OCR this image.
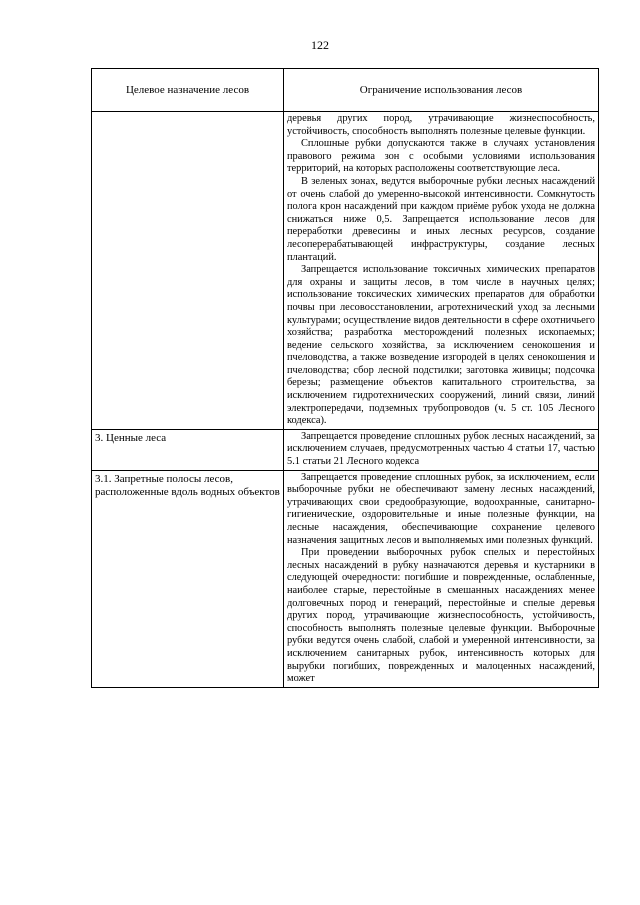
122
Целевое назначение лесов	Ограничение использования лесов

	деревья других пород, утрачивающие жизнеспособность, устойчивость, способность выполнять полезные целевые функции.

Сплошные рубки допускаются также в случаях установления правового режима зон с особыми условиями использования территорий, на которых расположены соответствующие леса.

В зеленых зонах, ведутся выборочные рубки лесных насаждений от очень слабой до умеренно-высокой интенсивности. Сомкнутость полога крон насаждений при каждом приёме рубок ухода не должна снижаться ниже 0,5. Запрещается использование лесов для переработки древесины и иных лесных ресурсов, создание лесоперерабатывающей инфраструктуры, создание лесных плантаций.

Запрещается использование токсичных химических препаратов для охраны и защиты лесов, в том числе в научных целях; использование токсических химических препаратов для обработки почвы при лесовосстановлении, агротехнический уход за лесными культурами; осуществление видов деятельности в сфере охотничьего хозяйства; разработка месторождений полезных ископаемых; ведение сельского хозяйства, за исключением сенокошения и пчеловодства, а также возведение изгородей в целях сенокошения и пчеловодства; сбор лесной подстилки; заготовка живицы; подсочка березы; размещение объектов капитального строительства, за исключением гидротехнических сооружений, линий связи, линий электропередачи, подземных трубопроводов (ч. 5 ст. 105 Лесного кодекса).

3. Ценные леса	Запрещается проведение сплошных рубок лесных насаждений, за исключением случаев, предусмотренных частью 4 статьи 17, частью 5.1 статьи 21 Лесного кодекса

3.1. Запретные полосы лесов, расположенные вдоль водных объектов	Запрещается проведение сплошных рубок, за исключением, если выборочные рубки не обеспечивают замену лесных насаждений, утрачивающих свои средообразующие, водоохранные, санитарно-гигиенические, оздоровительные и иные полезные функции, на лесные насаждения, обеспечивающие сохранение целевого назначения защитных лесов и выполняемых ими полезных функций.

При проведении выборочных рубок спелых и перестойных лесных насаждений в рубку назначаются деревья и кустарники в следующей очередности: погибшие и поврежденные, ослабленные, наиболее старые, перестойные в смешанных насаждениях менее долговечных пород и генераций, перестойные и спелые деревья других пород, утрачивающие жизнеспособность, устойчивость, способность выполнять полезные целевые функции. Выборочные рубки ведутся очень слабой, слабой и умеренной интенсивности, за исключением санитарных рубок, интенсивность которых для вырубки погибших, поврежденных и малоценных насаждений, может
